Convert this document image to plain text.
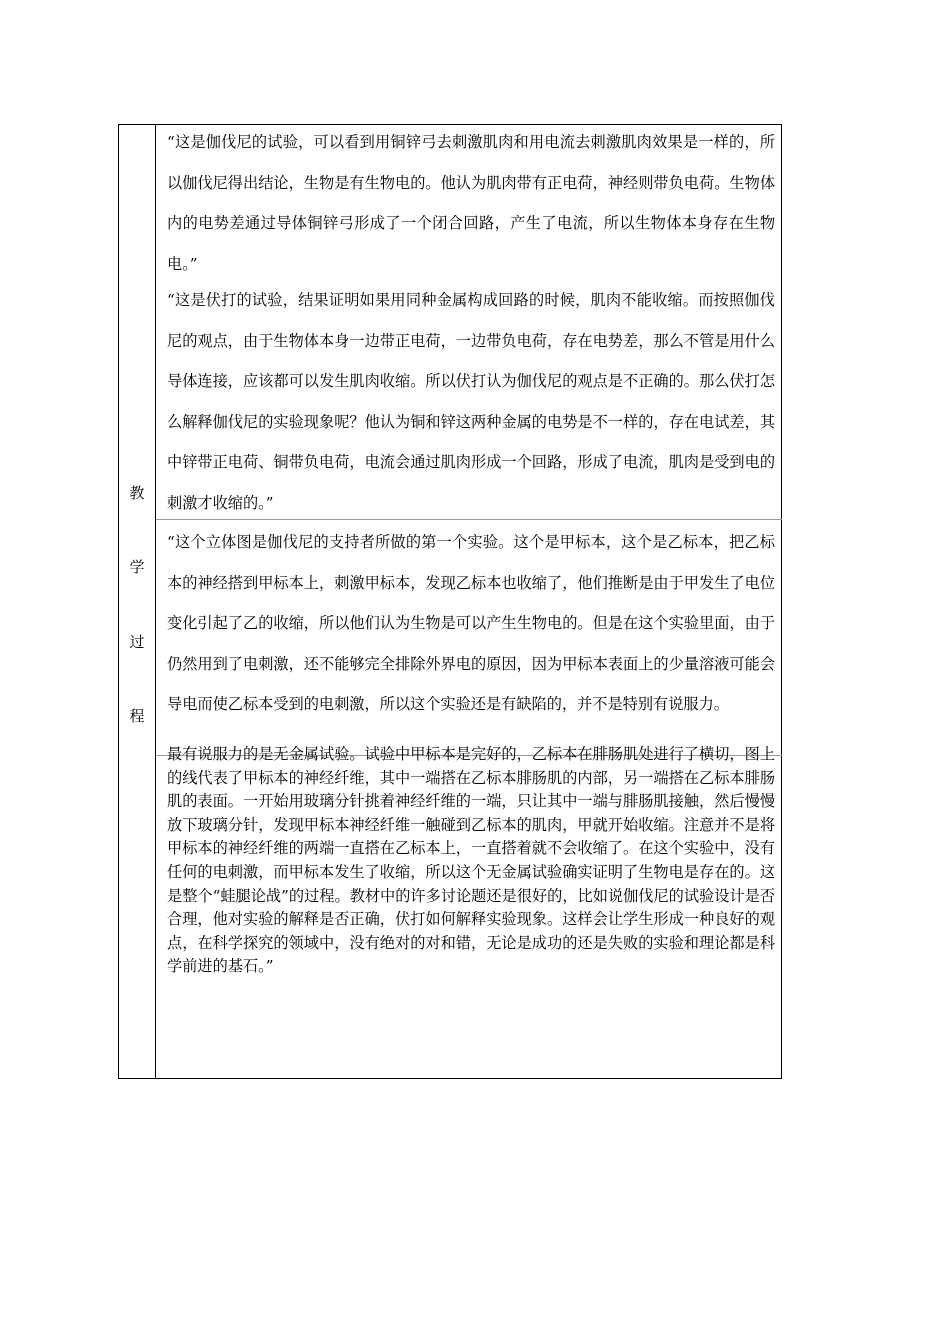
教
学
过
程

“这是伽伐尼的试验，可以看到用铜锌弓去刺激肌肉和用电流去刺激肌肉效果是一样的，所以伽伐尼得出结论，生物是有生物电的。他认为肌肉带有正电荷，神经则带负电荷。生物体内的电势差通过导体铜锌弓形成了一个闭合回路，产生了电流，所以生物体本身存在生物电。”

“这是伏打的试验，结果证明如果用同种金属构成回路的时候，肌肉不能收缩。而按照伽伐尼的观点，由于生物体本身一边带正电荷，一边带负电荷，存在电势差，那么不管是用什么导体连接，应该都可以发生肌肉收缩。所以伏打认为伽伐尼的观点是不正确的。那么伏打怎么解释伽伐尼的实验现象呢？他认为铜和锌这两种金属的电势是不一样的，存在电试差，其中锌带正电荷、铜带负电荷，电流会通过肌肉形成一个回路，形成了电流，肌肉是受到电的刺激才收缩的。”

“这个立体图是伽伐尼的支持者所做的第一个实验。这个是甲标本，这个是乙标本，把乙标本的神经搭到甲标本上，刺激甲标本，发现乙标本也收缩了，他们推断是由于甲发生了电位变化引起了乙的收缩，所以他们认为生物是可以产生生物电的。但是在这个实验里面，由于仍然用到了电刺激，还不能够完全排除外界电的原因，因为甲标本表面上的少量溶液可能会导电而使乙标本受到的电刺激，所以这个实验还是有缺陷的，并不是特别有说服力。

最有说服力的是无金属试验。试验中甲标本是完好的，乙标本在腓肠肌处进行了横切，图上的线代表了甲标本的神经纤维，其中一端搭在乙标本腓肠肌的内部，另一端搭在乙标本腓肠肌的表面。一开始用玻璃分针挑着神经纤维的一端，只让其中一端与腓肠肌接触，然后慢慢放下玻璃分针，发现甲标本神经纤维一触碰到乙标本的肌肉，甲就开始收缩。注意并不是将甲标本的神经纤维的两端一直搭在乙标本上，一直搭着就不会收缩了。在这个实验中，没有任何的电刺激，而甲标本发生了收缩，所以这个无金属试验确实证明了生物电是存在的。这是整个“蛙腿论战”的过程。教材中的许多讨论题还是很好的，比如说伽伐尼的试验设计是否合理，他对实验的解释是否正确，伏打如何解释实验现象。这样会让学生形成一种良好的观点，在科学探究的领域中，没有绝对的对和错，无论是成功的还是失败的实验和理论都是科学前进的基石。”
